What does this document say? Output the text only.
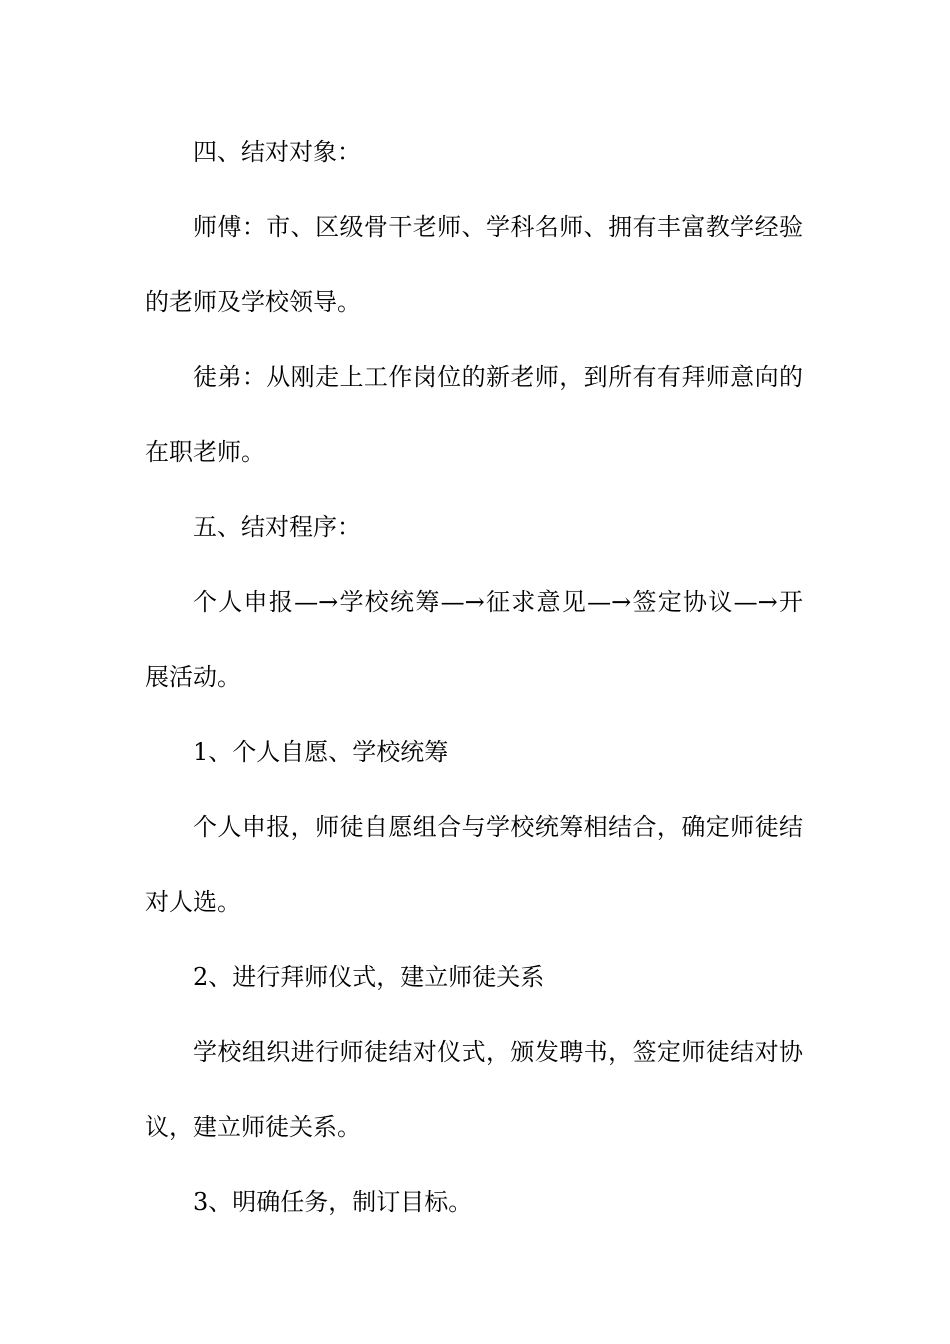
四、结对对象：
师傅：市、区级骨干老师、学科名师、拥有丰富教学经验
的老师及学校领导。
徒弟：从刚走上工作岗位的新老师，到所有有拜师意向的
在职老师。
五、结对程序：
个人申报—→学校统筹—→征求意见—→签定协议—→开
展活动。
1、个人自愿、学校统筹
个人申报，师徒自愿组合与学校统筹相结合，确定师徒结
对人选。
2、进行拜师仪式，建立师徒关系
学校组织进行师徒结对仪式，颁发聘书，签定师徒结对协
议，建立师徒关系。
3、明确任务，制订目标。
